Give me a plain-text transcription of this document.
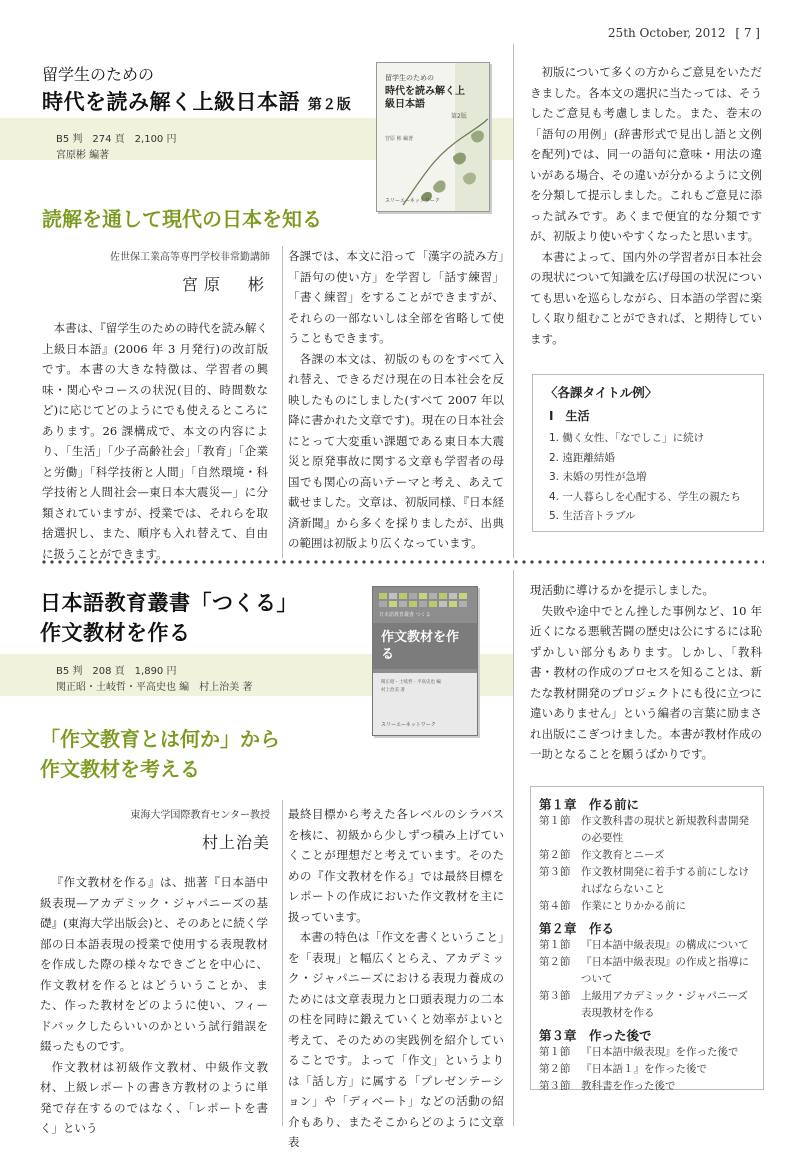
25th October, 2012 [ 7 ]
留学生のための
時代を読み解く上級日本語 第２版
B5 判　274 頁　2,100 円
宮原彬 編著
留学生のための
時代を読み解く上級日本語
第2版
宮原 彬 編著
スリーエーネットワーク
読解を通して現代の日本を知る
佐世保工業高等専門学校非常勤講師
宮原　彬

本書は、『留学生のための時代を読み解く上級日本語』(2006 年 3 月発行)の改訂版です。本書の大きな特徴は、学習者の興味・関心やコースの状況(目的、時間数など)に応じてどのようにでも使えるところにあります。26 課構成で、本文の内容により、「生活」「少子高齢社会」「教育」「企業と労働」「科学技術と人間」「自然環境・科学技術と人間社会—東日本大震災—」に分類されていますが、授業では、それらを取捨選択し、また、順序も入れ替えて、自由に扱うことができます。

各課では、本文に沿って「漢字の読み方」「語句の使い方」を学習し「話す練習」「書く練習」をすることができますが、それらの一部ないしは全部を省略して使うこともできます。

各課の本文は、初版のものをすべて入れ替え、できるだけ現在の日本社会を反映したものにしました(すべて 2007 年以降に書かれた文章です)。現在の日本社会にとって大変重い課題である東日本大震災と原発事故に関する文章も学習者の母国でも関心の高いテーマと考え、あえて載せました。文章は、初版同様、『日本経済新聞』から多くを採りましたが、出典の範囲は初版より広くなっています。

初版について多くの方からご意見をいただきました。各本文の選択に当たっては、そうしたご意見も考慮しました。また、巻末の「語句の用例」(辞書形式で見出し語と文例を配列)では、同一の語句に意味・用法の違いがある場合、その違いが分かるように文例を分類して提示しました。これもご意見に添った試みです。あくまで便宜的な分類ですが、初版より使いやすくなったと思います。

本書によって、国内外の学習者が日本社会の現状について知識を広げ母国の状況についても思いを巡らしながら、日本語の学習に楽しく取り組むことができれば、と期待しています。

〈各課タイトル例〉
Ⅰ　生活
1. 働く女性、「なでしこ」に続け
2. 遠距離結婚
3. 未婚の男性が急増
4. 一人暮らしを心配する、学生の親たち
5. 生活音トラブル
日本語教育叢書「つくる」
作文教材を作る
B5 判　208 頁　1,890 円
関正昭・土岐哲・平高史也 編　村上治美 著
日本語教育叢書 つくる
作文教材を作る
関正昭・土岐哲・平高史也 編
村上治美 著
スリーエーネットワーク
「作文教育とは何か」から
作文教材を考える
東海大学国際教育センター教授
村上治美

『作文教材を作る』は、拙著『日本語中級表現—アカデミック・ジャパニーズの基礎』(東海大学出版会)と、そのあとに続く学部の日本語表現の授業で使用する表現教材を作成した際の様々なできごとを中心に、作文教材を作るとはどういうことか、また、作った教材をどのように使い、フィードバックしたらいいのかという試行錯誤を綴ったものです。

作文教材は初級作文教材、中級作文教材、上級レポートの書き方教材のように単発で存在するのではなく、「レポートを書く」という

最終目標から考えた各レベルのシラバスを核に、初級から少しずつ積み上げていくことが理想だと考えています。そのための『作文教材を作る』では最終目標をレポートの作成においた作文教材を主に扱っています。

本書の特色は「作文を書くということ」を「表現」と幅広くとらえ、アカデミック・ジャパニーズにおける表現力養成のためには文章表現力と口頭表現力の二本の柱を同時に鍛えていくと効率がよいと考えて、そのための実践例を紹介していることです。よって「作文」というよりは「話し方」に属する「プレゼンテーション」や「ディベート」などの活動の紹介もあり、またそこからどのように文章表

現活動に導けるかを提示しました。

失敗や途中でとん挫した事例など、10 年近くになる悪戦苦闘の歴史は公にするには恥ずかしい部分もあります。しかし、「教科書・教材の作成のプロセスを知ることは、新たな教材開発のプロジェクトにも役に立つに違いありません」という編者の言葉に励まされ出版にこぎつけました。本書が教材作成の一助となることを願うばかりです。

第１章　作る前に
第１節	作文教科書の現状と新規教科書開発の必要性
第２節	作文教育とニーズ
第３節	作文教材開発に着手する前にしなければならないこと
第４節	作業にとりかかる前に
第２章　作る
第１節	『日本語中級表現』の構成について
第２節	『日本語中級表現』の作成と指導について
第３節	上級用アカデミック・ジャパニーズ表現教材を作る
第３章　作った後で
第１節	『日本語中級表現』を作った後で
第２節	『日本語１』を作った後で
第３節	教科書を作った後で
